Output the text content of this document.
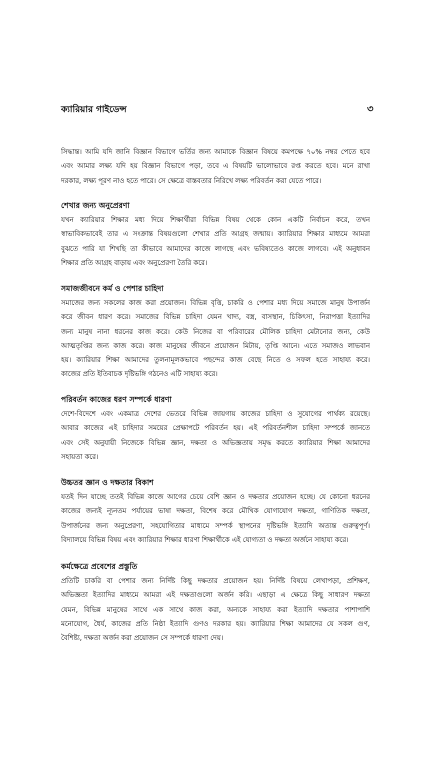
ক্যারিয়ার গাইডেন্স	৩
সিদ্ধান্ত। আমি যদি জানি বিজ্ঞান বিভাগে ভর্তির জন্য আমাকে বিজ্ঞান বিষয়ে কমপক্ষে ৭০% নম্বর পেতে হবে
এবং আমার লক্ষ্য যদি হয় বিজ্ঞান বিভাগে পড়া, তবে এ বিষয়টি ভালোভাবে রপ্ত করতে হবে। মনে রাখা
দরকার, লক্ষ্য পূরণ নাও হতে পারে। সে ক্ষেত্রে বাস্তবতার নিরিখে লক্ষ্য পরিবর্তন করা যেতে পারে।
শেখার জন্য অনুপ্রেরণা
যখন ক্যারিয়ার শিক্ষার মধ্য দিয়ে শিক্ষার্থীরা বিভিন্ন বিষয় থেকে কোন একটি নির্বাচন করে, তখন
স্বাভাবিকভাবেই তার এ সংক্রান্ত বিষয়গুলো শেখার প্রতি আগ্রহ জন্মায়। ক্যারিয়ার শিক্ষার মাধ্যমে আমরা
বুঝতে পারি যা শিখছি তা কীভাবে আমাদের কাজে লাগছে এবং ভবিষ্যতেও কাজে লাগবে। এই অনুধাবন
শিক্ষার প্রতি আগ্রহ বাড়ায় এবং অনুপ্রেরণা তৈরি করে।
সমাজজীবনে কর্ম ও পেশার চাহিদা
সমাজের জন্য সকলের কাজ করা প্রয়োজন। বিভিন্ন বৃত্তি, চাকরি ও পেশার মধ্য দিয়ে সমাজে মানুষ উপার্জন
করে জীবন ধারণ করে। সমাজের বিভিন্ন চাহিদা যেমন খাদ্য, বস্ত্র, বাসস্থান, চিকিৎসা, নিরাপত্তা ইত্যাদির
জন্য মানুষ নানা ধরনের কাজ করে। কেউ নিজের বা পরিবারের মৌলিক চাহিদা মেটানোর জন্য, কেউ
আত্মতৃপ্তির জন্য কাজ করে। কাজ মানুষের জীবনে প্রয়োজন মিটায়, তৃপ্তি আনে। এতে সমাজও লাভবান
হয়। ক্যারিয়ার শিক্ষা আমাদের তুলনামূলকভাবে পছন্দের কাজ বেছে নিতে ও সফল হতে সাহায্য করে।
কাজের প্রতি ইতিবাচক দৃষ্টিভঙ্গি গঠনেও এটি সাহায্য করে।
পরিবর্তন কাজের ধরণ সম্পর্কে ধারণা
দেশে-বিদেশে এবং একমাত্র দেশের ভেতরে বিভিন্ন জায়গায় কাজের চাহিদা ও সুযোগের পার্থক্য রয়েছে।
আবার কাজের এই চাহিদার সময়ের প্রেক্ষাপটে পরিবর্তন হয়। এই পরিবর্তনশীল চাহিদা সম্পর্কে জানতে
এবং সেই অনুযায়ী নিজেকে বিভিন্ন জ্ঞান, দক্ষতা ও অভিজ্ঞতায় সমৃদ্ধ করতে ক্যারিয়ার শিক্ষা আমাদের
সহায়তা করে।
উচ্চতর জ্ঞান ও দক্ষতার বিকাশ
যতই দিন যাচ্ছে ততই বিভিন্ন কাজে আগের চেয়ে বেশি জ্ঞান ও দক্ষতার প্রয়োজন হচ্ছে। যে কোনো ধরনের
কাজের জন্যই ন্যূনতম পর্যায়ের ভাষা দক্ষতা, বিশেষ করে মৌখিক যোগাযোগ দক্ষতা, গাণিতিক দক্ষতা,
উপার্জনের জন্য অনুপ্রেরণা, সহযোগিতার মাধ্যমে সম্পর্ক স্থাপনের দৃষ্টিভঙ্গি ইত্যাদি অত্যন্ত গুরুত্বপূর্ণ।
বিদ্যালয়ে বিভিন্ন বিষয় এবং ক্যারিয়ার শিক্ষার ধারণা শিক্ষার্থীকে এই যোগ্যতা ও দক্ষতা অর্জনে সাহায্য করে।
কর্মক্ষেত্রে প্রবেশের প্রস্তুতি
প্রতিটি চাকরি বা পেশার জন্য নির্দিষ্ট কিছু দক্ষতার প্রয়োজন হয়। নির্দিষ্ট বিষয়ে লেখাপড়া, প্রশিক্ষণ,
অভিজ্ঞতা ইত্যাদির মাধ্যমে আমরা এই দক্ষতাগুলো অর্জন করি। এছাড়া এ ক্ষেত্রে কিছু সাধারণ দক্ষতা
যেমন, বিভিন্ন মানুষের সাথে এক সাথে কাজ করা, অন্যকে সাহায্য করা ইত্যাদি দক্ষতার পাশাপাশি
মনোযোগ, ধৈর্য, কাজের প্রতি নিষ্ঠা ইত্যাদি গুণও দরকার হয়। ক্যারিয়ার শিক্ষা আমাদের যে সকল গুণ,
বৈশিষ্ট্য, দক্ষতা অর্জন করা প্রয়োজন সে সম্পর্কে ধারণা দেয়।
